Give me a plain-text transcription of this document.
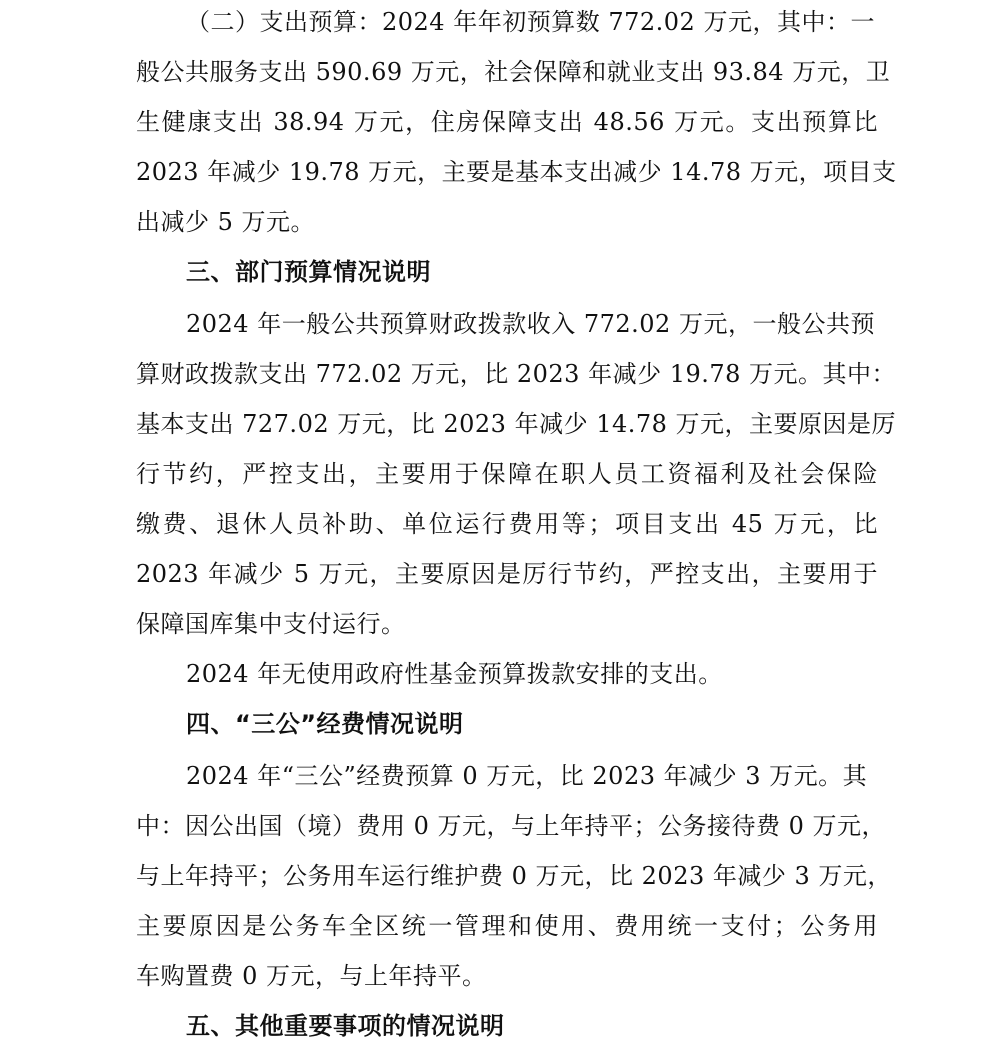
（二）支出预算：2024 年年初预算数 772.02 万元，其中：一
般公共服务支出 590.69 万元，社会保障和就业支出 93.84 万元，卫
生健康支出 38.94 万元，住房保障支出 48.56 万元。支出预算比
2023 年减少 19.78 万元，主要是基本支出减少 14.78 万元，项目支
出减少 5 万元。
三、部门预算情况说明
2024 年一般公共预算财政拨款收入 772.02 万元，一般公共预
算财政拨款支出 772.02 万元，比 2023 年减少 19.78 万元。其中：
基本支出 727.02 万元，比 2023 年减少 14.78 万元，主要原因是厉
行节约，严控支出，主要用于保障在职人员工资福利及社会保险
缴费、退休人员补助、单位运行费用等；项目支出 45 万元，比
2023 年减少 5 万元，主要原因是厉行节约，严控支出，主要用于
保障国库集中支付运行。
2024 年无使用政府性基金预算拨款安排的支出。
四、“三公”经费情况说明
2024 年“三公”经费预算 0 万元，比 2023 年减少 3 万元。其
中：因公出国（境）费用 0 万元，与上年持平；公务接待费 0 万元，
与上年持平；公务用车运行维护费 0 万元，比 2023 年减少 3 万元，
主要原因是公务车全区统一管理和使用、费用统一支付；公务用
车购置费 0 万元，与上年持平。
五、其他重要事项的情况说明
